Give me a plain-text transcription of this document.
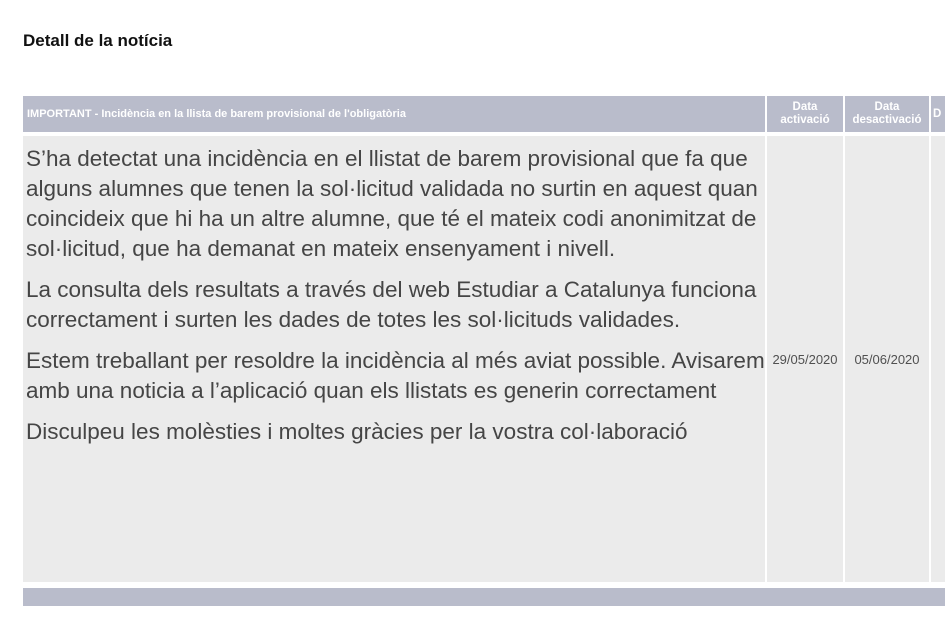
Detall de la notícia
IMPORTANT - Incidència en la llista de barem provisional de l'obligatòria
Data
activació
Data
desactivació D

S’ha detectat una incidència en el llistat de barem provisional que fa que alguns alumnes que tenen la sol·licitud validada no surtin en aquest quan coincideix que hi ha un altre alumne, que té el mateix codi anonimitzat de sol·licitud, que ha demanat en mateix ensenyament i nivell.

La consulta dels resultats a través del web Estudiar a Catalunya funciona correctament i surten les dades de totes les sol·licituds validades.

Estem treballant per resoldre la incidència al més aviat possible. Avisarem amb una noticia a l’aplicació quan els llistats es generin correctament

Disculpeu les molèsties i moltes gràcies per la vostra col·laboració

29/05/2020	05/06/2020
